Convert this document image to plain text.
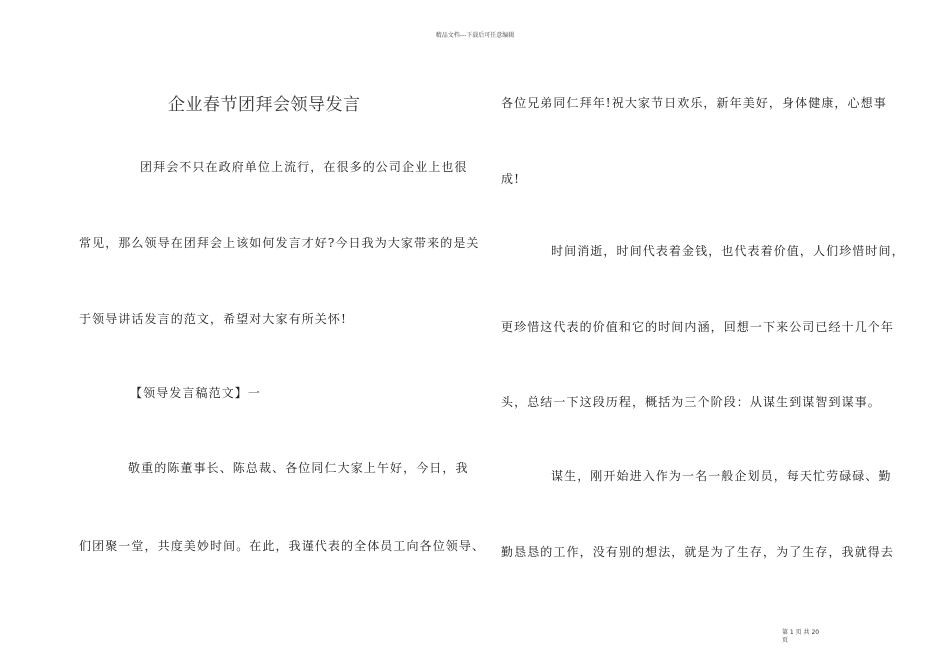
精品文档---下载后可任意编辑
企业春节团拜会领导发言
团拜会不只在政府单位上流行，在很多的公司企业上也很
常见，那么领导在团拜会上该如何发言才好?今日我为大家带来的是关
于领导讲话发言的范文，希望对大家有所关怀!
【领导发言稿范文】一
敬重的陈董事长、陈总裁、各位同仁大家上午好，今日，我
们团聚一堂，共度美妙时间。在此，我谨代表的全体员工向各位领导、
各位兄弟同仁拜年!祝大家节日欢乐，新年美好，身体健康，心想事
成!
时间消逝，时间代表着金钱，也代表着价值，人们珍惜时间，
更珍惜这代表的价值和它的时间内涵，回想一下来公司已经十几个年
头，总结一下这段历程，概括为三个阶段：从谋生到谋智到谋事。
谋生，刚开始进入作为一名一般企划员，每天忙劳碌碌、勤
勤恳恳的工作，没有别的想法，就是为了生存，为了生存，我就得去
第 1 页 共 20
页
